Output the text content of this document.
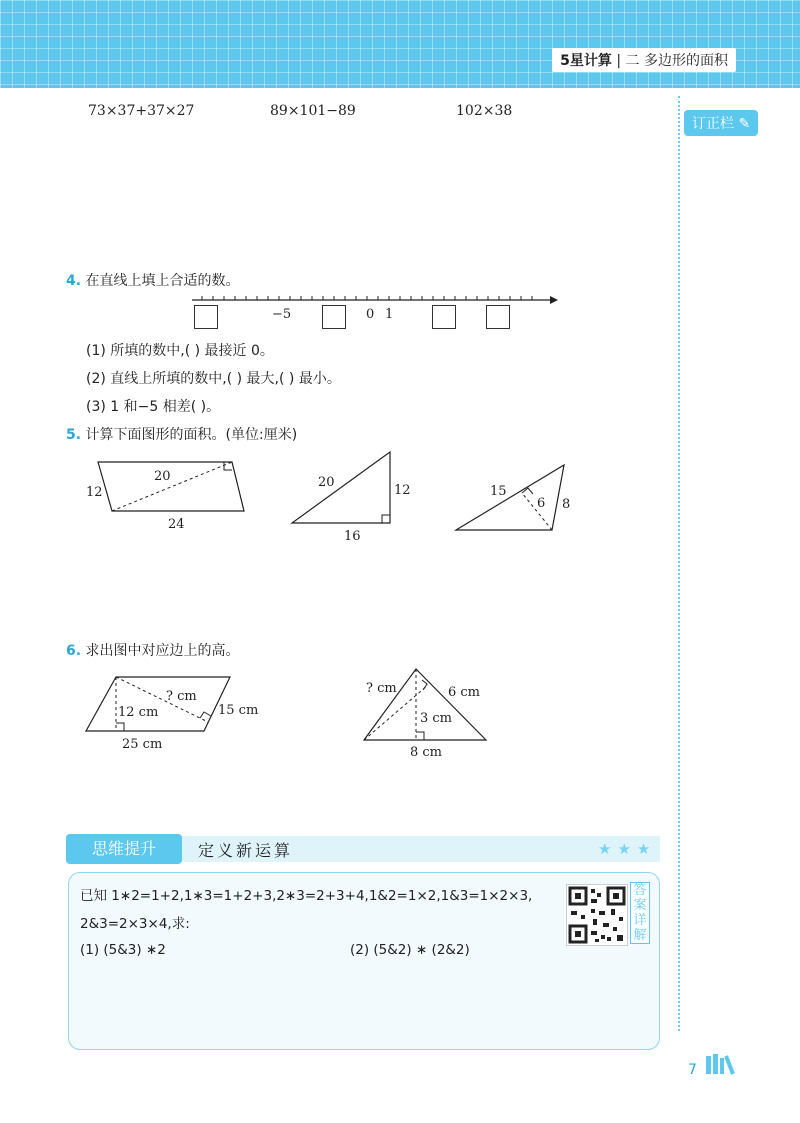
5星计算 | 二 多边形的面积
订正栏 ✎
73×37+37×27	89×101−89	102×38
4. 在直线上填上合适的数。
−5	0 1
(1) 所填的数中,( ) 最接近 0。
(2) 直线上所填的数中,( ) 最大,( ) 最小。
(3) 1 和−5 相差( )。
5. 计算下面图形的面积。(单位:厘米)
20
12
24
20
12
16
15
6 8
6. 求出图中对应边上的高。
? cm
12 cm	15 cm
25 cm
? cm	6 cm
3 cm
8 cm
思维提升	定义新运算	★★★
已知 1∗2=1+2,1∗3=1+2+3,2∗3=2+3+4,1&2=1×2,1&3=1×2×3,
2&3=2×3×4,求:
(1) (5&3) ∗2	(2) (5&2) ∗ (2&2)
答案详解
7
